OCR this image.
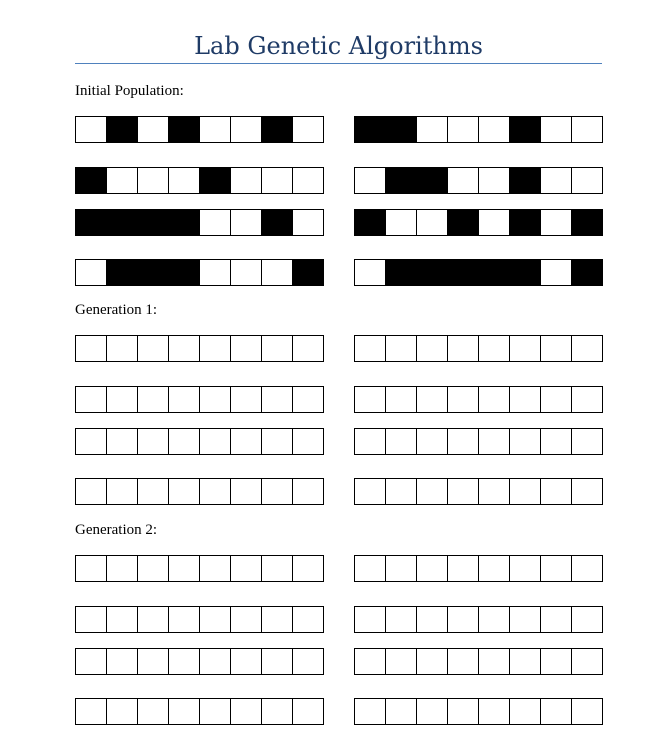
Lab Genetic Algorithms

Initial Population:

Generation 1:

Generation 2:
